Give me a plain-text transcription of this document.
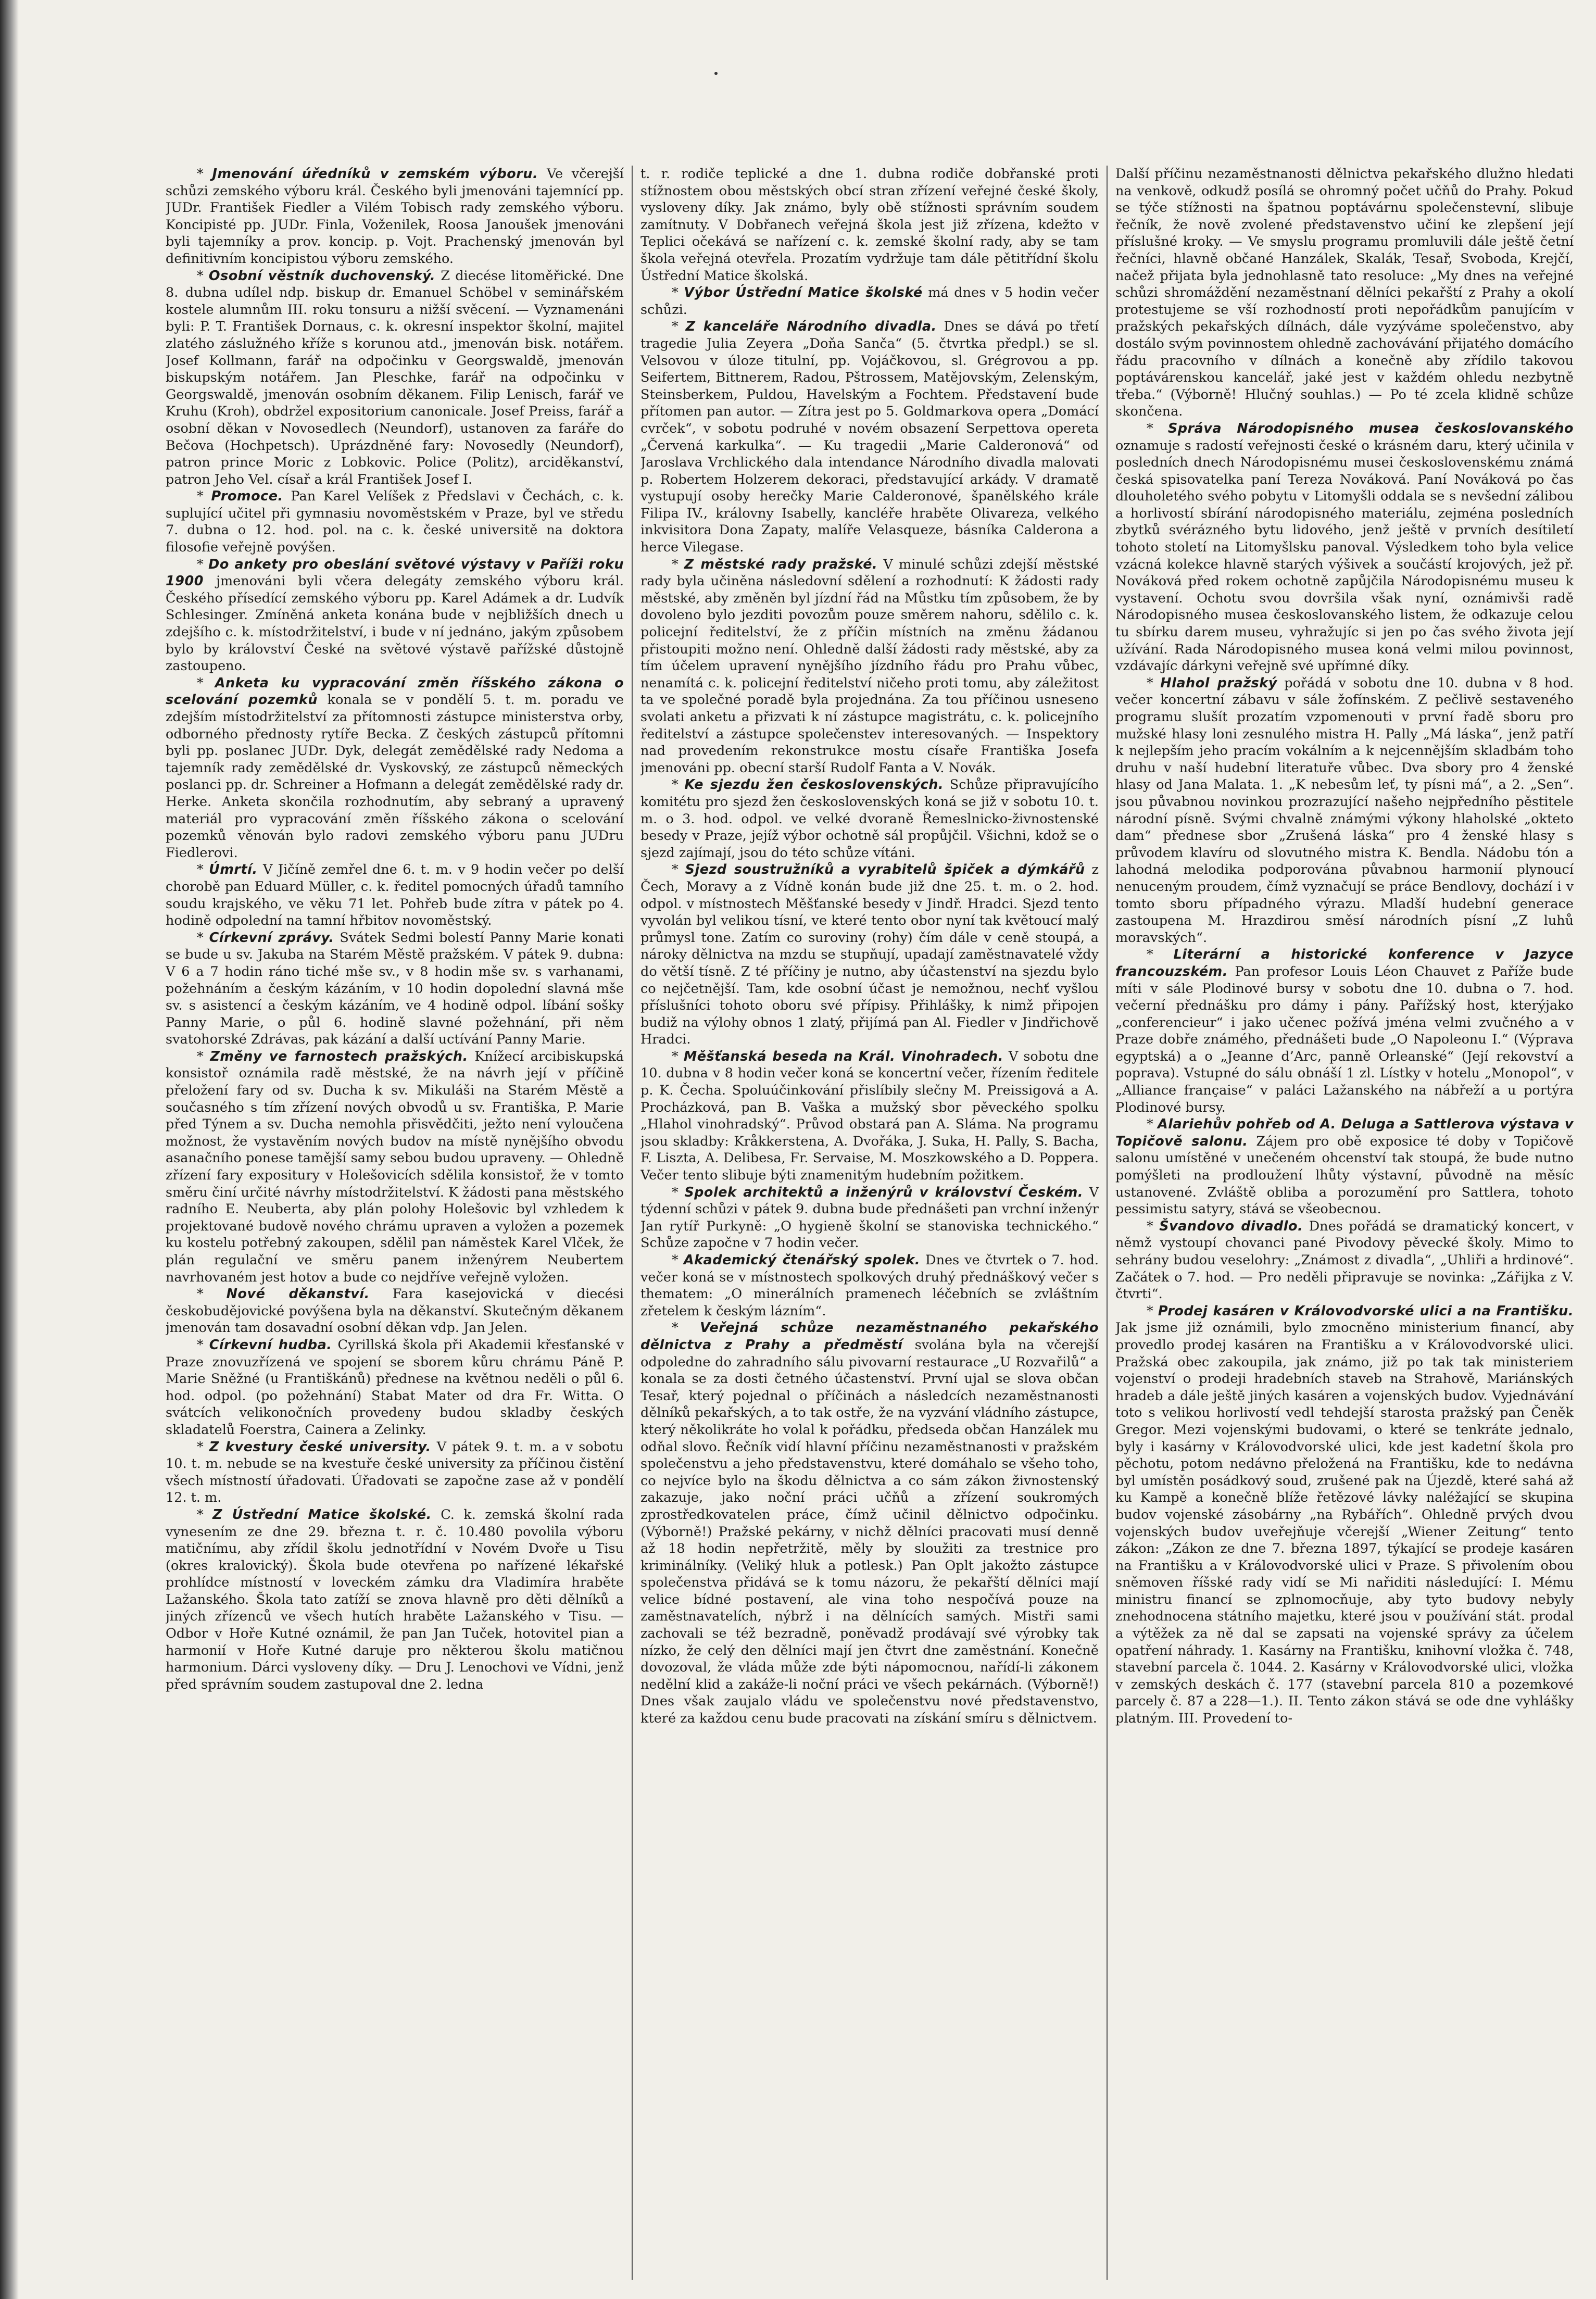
* Jmenování úředníků v zemském výboru. Ve včerejší schůzi zemského výboru král. Českého byli jmenováni tajemnící pp. JUDr. František Fiedler a Vilém Tobisch rady zemského výboru. Koncipisté pp. JUDr. Finla, Voženilek, Roosa Janoušek jmenováni byli tajemníky a prov. koncip. p. Vojt. Prachenský jmenován byl definitivním koncipistou výboru zemského.

* Osobní věstník duchovenský. Z diecése litoměřické. Dne 8. dubna udílel ndp. biskup dr. Emanuel Schöbel v seminářském kostele alumnům III. roku tonsuru a nižší svěcení. — Vyznamenáni byli: P. T. František Dornaus, c. k. okresní inspektor školní, majitel zlatého záslužného kříže s korunou atd., jmenován bisk. notářem. Josef Kollmann, farář na odpočinku v Georgswaldě, jmenován biskupským notářem. Jan Pleschke, farář na odpočinku v Georgswaldě, jmenován osobním děkanem. Filip Lenisch, farář ve Kruhu (Kroh), obdržel expositorium canonicale. Josef Preiss, farář a osobní děkan v Novosedlech (Neundorf), ustanoven za faráře do Bečova (Hochpetsch). Uprázdněné fary: Novosedly (Neundorf), patron prince Moric z Lobkovic. Police (Politz), arciděkanství, patron Jeho Vel. císař a král František Josef I.

* Promoce. Pan Karel Velíšek z Předslavi v Čechách, c. k. suplující učitel při gymnasiu novoměstském v Praze, byl ve středu 7. dubna o 12. hod. pol. na c. k. české universitě na doktora filosofie veřejně povýšen.

* Do ankety pro obeslání světové výstavy v Paříži roku 1900 jmenováni byli včera delegáty zemského výboru král. Českého přísedící zemského výboru pp. Karel Adámek a dr. Ludvík Schlesinger. Zmíněná anketa konána bude v nejbližších dnech u zdejšího c. k. místodržitelství, i bude v ní jednáno, jakým způsobem bylo by království České na světové výstavě pařížské důstojně zastoupeno.

* Anketa ku vypracování změn říšského zákona o scelování pozemků konala se v pondělí 5. t. m. poradu ve zdejším místodržitelství za přítomnosti zástupce ministerstva orby, odborného přednosty rytíře Becka. Z českých zástupců přítomni byli pp. poslanec JUDr. Dyk, delegát zemědělské rady Nedoma a tajemník rady zemědělské dr. Vyskovský, ze zástupců německých poslanci pp. dr. Schreiner a Hofmann a delegát zemědělské rady dr. Herke. Anketa skončila rozhodnutím, aby sebraný a upravený materiál pro vypracování změn říšského zákona o scelování pozemků věnován bylo radovi zemského výboru panu JUDru Fiedlerovi.

* Úmrtí. V Jičíně zemřel dne 6. t. m. v 9 hodin večer po delší chorobě pan Eduard Müller, c. k. ředitel pomocných úřadů tamního soudu krajského, ve věku 71 let. Pohřeb bude zítra v pátek po 4. hodině odpolední na tamní hřbitov novoměstský.

* Církevní zprávy. Svátek Sedmi bolestí Panny Marie konati se bude u sv. Jakuba na Starém Městě pražském. V pátek 9. dubna: V 6 a 7 hodin ráno tiché mše sv., v 8 hodin mše sv. s varhanami, požehnáním a českým kázáním, v 10 hodin dopolední slavná mše sv. s asistencí a českým kázáním, ve 4 hodině odpol. líbání sošky Panny Marie, o půl 6. hodině slavné požehnání, při něm svatohorské Zdrávas, pak kázání a další uctívání Panny Marie.

* Změny ve farnostech pražských. Knížecí arcibiskupská konsistoř oznámila radě městské, že na návrh její v příčině přeložení fary od sv. Ducha k sv. Mikuláši na Starém Městě a současného s tím zřízení nových obvodů u sv. Františka, P. Marie před Týnem a sv. Ducha nemohla přisvědčiti, ježto není vyloučena možnost, že vystavěním nových budov na místě nynějšího obvodu asanačního ponese tamější samy sebou budou upraveny. — Ohledně zřízení fary expositury v Holešovicích sdělila konsistoř, že v tomto směru činí určité návrhy místodržitelství. K žádosti pana městského radního E. Neuberta, aby plán polohy Holešovic byl vzhledem k projektované budově nového chrámu upraven a vyložen a pozemek ku kostelu potřebný zakoupen, sdělil pan náměstek Karel Vlček, že plán regulační ve směru panem inženýrem Neubertem navrhovaném jest hotov a bude co nejdříve veřejně vyložen.

* Nové děkanství. Fara kasejovická v diecési českobudějovické povýšena byla na děkanství. Skutečným děkanem jmenován tam dosavadní osobní děkan vdp. Jan Jelen.

* Církevní hudba. Cyrillská škola při Akademii křesťanské v Praze znovuzřízená ve spojení se sborem kůru chrámu Páně P. Marie Sněžné (u Františkánů) přednese na květnou neděli o půl 6. hod. odpol. (po požehnání) Stabat Mater od dra Fr. Witta. O svátcích velikonočních provedeny budou skladby českých skladatelů Foerstra, Cainera a Zelinky.

* Z kvestury české university. V pátek 9. t. m. a v sobotu 10. t. m. nebude se na kvestuře české university za příčinou čistění všech místností úřadovati. Úřadovati se započne zase až v pondělí 12. t. m.

* Z Ústřední Matice školské. C. k. zemská školní rada vynesením ze dne 29. března t. r. č. 10.480 povolila výboru matičnímu, aby zřídil školu jednotřídní v Novém Dvoře u Tisu (okres kralovický). Škola bude otevřena po nařízené lékařské prohlídce místností v loveckém zámku dra Vladimíra hraběte Lažanského. Škola tato zatíží se znova hlavně pro děti dělníků a jiných zřízenců ve všech hutích hraběte Lažanského v Tisu. — Odbor v Hoře Kutné oznámil, že pan Jan Tuček, hotovitel pian a harmonií v Hoře Kutné daruje pro některou školu matičnou harmonium. Dárci vysloveny díky. — Dru J. Lenochovi ve Vídni, jenž před správním soudem zastupoval dne 2. ledna

t. r. rodiče teplické a dne 1. dubna rodiče dobřanské proti stížnostem obou městských obcí stran zřízení veřejné české školy, vysloveny díky. Jak známo, byly obě stížnosti správním soudem zamítnuty. V Dobřanech veřejná škola jest již zřízena, kdežto v Teplici očekává se nařízení c. k. zemské školní rady, aby se tam škola veřejná otevřela. Prozatím vydržuje tam dále pětitřídní školu Ústřední Matice školská.

* Výbor Ústřední Matice školské má dnes v 5 hodin večer schůzi.

* Z kanceláře Národního divadla. Dnes se dává po třetí tragedie Julia Zeyera „Doňa Sanča“ (5. čtvrtka předpl.) se sl. Velsovou v úloze titulní, pp. Vojáčkovou, sl. Grégrovou a pp. Seifertem, Bittnerem, Radou, Pštrossem, Matějovským, Zelenským, Steinsberkem, Puldou, Havelským a Fochtem. Představení bude přítomen pan autor. — Zítra jest po 5. Goldmarkova opera „Domácí cvrček“, v sobotu podruhé v novém obsazení Serpettova opereta „Červená karkulka“. — Ku tragedii „Marie Calderonová“ od Jaroslava Vrchlického dala intendance Národního divadla malovati p. Robertem Holzerem dekoraci, představující arkády. V dramatě vystupují osoby herečky Marie Calderonové, španělského krále Filipa IV., královny Isabelly, kancléře hraběte Olivareza, velkého inkvisitora Dona Zapaty, malíře Velasqueze, básníka Calderona a herce Vilegase.

* Z městské rady pražské. V minulé schůzi zdejší městské rady byla učiněna následovní sdělení a rozhodnutí: K žádosti rady městské, aby změněn byl jízdní řád na Můstku tím způsobem, že by dovoleno bylo jezditi povozům pouze směrem nahoru, sdělilo c. k. policejní ředitelství, že z příčin místních na změnu žádanou přistoupiti možno není. Ohledně další žádosti rady městské, aby za tím účelem upravení nynějšího jízdního řádu pro Prahu vůbec, nenamítá c. k. policejní ředitelství ničeho proti tomu, aby záležitost ta ve společné poradě byla projednána. Za tou příčinou usneseno svolati anketu a přizvati k ní zástupce magistrátu, c. k. policejního ředitelství a zástupce společenstev interesovaných. — Inspektory nad provedením rekonstrukce mostu císaře Františka Josefa jmenováni pp. obecní starší Rudolf Fanta a V. Novák.

* Ke sjezdu žen československých. Schůze připravujícího komitétu pro sjezd žen československých koná se již v sobotu 10. t. m. o 3. hod. odpol. ve velké dvoraně Řemeslnicko-živnostenské besedy v Praze, jejíž výbor ochotně sál propůjčil. Všichni, kdož se o sjezd zajímají, jsou do této schůze vítáni.

* Sjezd soustružníků a vyrabitelů špiček a dýmkářů z Čech, Moravy a z Vídně konán bude již dne 25. t. m. o 2. hod. odpol. v místnostech Měšťanské besedy v Jindř. Hradci. Sjezd tento vyvolán byl velikou tísní, ve které tento obor nyní tak květoucí malý průmysl tone. Zatím co suroviny (rohy) čím dále v ceně stoupá, a nároky dělnictva na mzdu se stupňují, upadají zaměstnavatelé vždy do větší tísně. Z té příčiny je nutno, aby účastenství na sjezdu bylo co nejčetnější. Tam, kde osobní účast je nemožnou, nechť vyšlou příslušníci tohoto oboru své přípisy. Přihlášky, k nimž připojen budiž na výlohy obnos 1 zlatý, přijímá pan Al. Fiedler v Jindřichově Hradci.

* Měšťanská beseda na Král. Vinohradech. V sobotu dne 10. dubna v 8 hodin večer koná se koncertní večer, řízením ředitele p. K. Čecha. Spoluúčinkování přislíbily slečny M. Preissigová a A. Procházková, pan B. Vaška a mužský sbor pěveckého spolku „Hlahol vinohradský“. Průvod obstará pan A. Sláma. Na programu jsou skladby: Kråkkerstena, A. Dvořáka, J. Suka, H. Pally, S. Bacha, F. Liszta, A. Delibesa, Fr. Servaise, M. Moszkowského a D. Poppera. Večer tento slibuje býti znamenitým hudebním požitkem.

* Spolek architektů a inženýrů v království Českém. V týdenní schůzi v pátek 9. dubna bude přednášeti pan vrchní inženýr Jan rytíř Purkyně: „O hygieně školní se stanoviska technického.“ Schůze započne v 7 hodin večer.

* Akademický čtenářský spolek. Dnes ve čtvrtek o 7. hod. večer koná se v místnostech spolkových druhý přednáškový večer s thematem: „O minerálních pramenech léčebních se zvláštním zřetelem k českým lázním“.

* Veřejná schůze nezaměstnaného pekařského dělnictva z Prahy a předměstí svolána byla na včerejší odpoledne do zahradního sálu pivovarní restaurace „U Rozvařilů“ a konala se za dosti četného účastenství. První ujal se slova občan Tesař, který pojednal o příčinách a následcích nezaměstnanosti dělníků pekařských, a to tak ostře, že na vyzvání vládního zástupce, který několikráte ho volal k pořádku, předseda občan Hanzálek mu odňal slovo. Řečník vidí hlavní příčinu nezaměstnanosti v pražském společenstvu a jeho představenstvu, které domáhalo se všeho toho, co nejvíce bylo na škodu dělnictva a co sám zákon živnostenský zakazuje, jako noční práci učňů a zřízení soukromých zprostředkovatelen práce, čímž učinil dělnictvo odpočinku. (Výborně!) Pražské pekárny, v nichž dělníci pracovati musí denně až 18 hodin nepřetržitě, měly by sloužiti za trestnice pro kriminálníky. (Veliký hluk a potlesk.) Pan Oplt jakožto zástupce společenstva přidává se k tomu názoru, že pekařští dělníci mají velice bídné postavení, ale vina toho nespočívá pouze na zaměstnavatelích, nýbrž i na dělnících samých. Mistři sami zachovali se též bezradně, poněvadž prodávají své výrobky tak nízko, že celý den dělníci mají jen čtvrt dne zaměstnání. Konečně dovozoval, že vláda může zde býti nápomocnou, nařídí-li zákonem nedělní klid a zakáže-li noční práci ve všech pekárnách. (Výborně!) Dnes však zaujalo vládu ve společenstvu nové představenstvo, které za každou cenu bude pracovati na získání smíru s dělnictvem.

Další příčinu nezaměstnanosti dělnictva pekařského dlužno hledati na venkově, odkudž posílá se ohromný počet učňů do Prahy. Pokud se týče stížnosti na špatnou poptávárnu společenstevní, slibuje řečník, že nově zvolené představenstvo učiní ke zlepšení její příslušné kroky. — Ve smyslu programu promluvili dále ještě četní řečníci, hlavně občané Hanzálek, Skalák, Tesař, Svoboda, Krejčí, načež přijata byla jednohlasně tato resoluce: „My dnes na veřejné schůzi shromáždění nezaměstnaní dělníci pekařští z Prahy a okolí protestujeme se vší rozhodností proti nepořádkům panujícím v pražských pekařských dílnách, dále vyzýváme společenstvo, aby dostálo svým povinnostem ohledně zachovávání přijatého domácího řádu pracovního v dílnách a konečně aby zřídilo takovou poptávárenskou kancelář, jaké jest v každém ohledu nezbytně třeba.“ (Výborně! Hlučný souhlas.) — Po té zcela klidně schůze skončena.

* Správa Národopisného musea českoslovanského oznamuje s radostí veřejnosti české o krásném daru, který učinila v posledních dnech Národopisnému musei československému známá česká spisovatelka paní Tereza Nováková. Paní Nováková po čas dlouholetého svého pobytu v Litomyšli oddala se s nevšední zálibou a horlivostí sbírání národopisného materiálu, zejména posledních zbytků svérázného bytu lidového, jenž ještě v prvních desítiletí tohoto století na Litomyšlsku panoval. Výsledkem toho byla velice vzácná kolekce hlavně starých výšivek a součástí krojových, jež př. Nováková před rokem ochotně zapůjčila Národopisnému museu k vystavení. Ochotu svou dovršila však nyní, oznámivši radě Národopisného musea českoslovanského listem, že odkazuje celou tu sbírku darem museu, vyhražujíc si jen po čas svého života její užívání. Rada Národopisného musea koná velmi milou povinnost, vzdávajíc dárkyni veřejně své upřímné díky.

* Hlahol pražský pořádá v sobotu dne 10. dubna v 8 hod. večer koncertní zábavu v sále žofínském. Z pečlivě sestaveného programu slušít prozatím vzpomenouti v první řadě sboru pro mužské hlasy loni zesnulého mistra H. Pally „Má láska“, jenž patří k nejlepším jeho pracím vokálním a k nejcennějším skladbám toho druhu v naší hudební literatuře vůbec. Dva sbory pro 4 ženské hlasy od Jana Malata. 1. „K nebesům leť, ty písni má“, a 2. „Sen“. jsou půvabnou novinkou prozrazující našeho nejpředního pěstitele národní písně. Svými chvalně známými výkony hlaholské „okteto dam“ přednese sbor „Zrušená láska“ pro 4 ženské hlasy s průvodem klavíru od slovutného mistra K. Bendla. Nádobu tón a lahodná melodika podporována půvabnou harmonií plynoucí nenuceným proudem, čímž vyznačují se práce Bendlovy, dochází i v tomto sboru případného výrazu. Mladší hudební generace zastoupena M. Hrazdirou směsí národních písní „Z luhů moravských“.

* Literární a historické konference v Jazyce francouzském. Pan profesor Louis Léon Chauvet z Paříže bude míti v sále Plodinové bursy v sobotu dne 10. dubna o 7. hod. večerní přednášku pro dámy i pány. Pařížský host, kterýjako „conferencieur“ i jako učenec požívá jména velmi zvučného a v Praze dobře známého, přednášeti bude „O Napoleonu I.“ (Výprava egyptská) a o „Jeanne d’Arc, panně Orleanské“ (Její rekovství a poprava). Vstupné do sálu obnáší 1 zl. Lístky v hotelu „Monopol“, v „Alliance française“ v paláci Lažanského na nábřeží a u portýra Plodinové bursy.

* Alariehův pohřeb od A. Deluga a Sattlerova výstava v Topičově salonu. Zájem pro obě exposice té doby v Topičově salonu umístěné v unečeném ohcenství tak stoupá, že bude nutno pomýšleti na prodloužení lhůty výstavní, původně na měsíc ustanovené. Zvláště obliba a porozumění pro Sattlera, tohoto pessimistu satyry, stává se všeobecnou.

* Švandovo divadlo. Dnes pořádá se dramatický koncert, v němž vystoupí chovanci pané Pivodovy pěvecké školy. Mimo to sehrány budou veselohry: „Známost z divadla“, „Uhliři a hrdinové“. Začátek o 7. hod. — Pro neděli připravuje se novinka: „Zářijka z V. čtvrti“.

* Prodej kasáren v Královodvorské ulici a na Františku. Jak jsme již oznámili, bylo zmocněno ministerium financí, aby provedlo prodej kasáren na Františku a v Královodvorské ulici. Pražská obec zakoupila, jak známo, již po tak tak ministeriem vojenství o prodeji hradebních staveb na Strahově, Mariánských hradeb a dále ještě jiných kasáren a vojenských budov. Vyjednávání toto s velikou horlivostí vedl tehdejší starosta pražský pan Čeněk Gregor. Mezi vojenskými budovami, o které se tenkráte jednalo, byly i kasárny v Královodvorské ulici, kde jest kadetní škola pro pěchotu, potom nedávno přeložená na Františku, kde to nedávna byl umístěn posádkový soud, zrušené pak na Újezdě, které sahá až ku Kampě a konečně blíže řetězové lávky naléžající se skupina budov vojenské zásobárny „na Rybářích“. Ohledně prvých dvou vojenských budov uveřejňuje včerejší „Wiener Zeitung“ tento zákon: „Zákon ze dne 7. března 1897, týkající se prodeje kasáren na Františku a v Královodvorské ulici v Praze. S přivolením obou sněmoven říšské rady vidí se Mi nařiditi následující: I. Mému ministru financí se zplnomocňuje, aby tyto budovy nebyly znehodnocena státního majetku, které jsou v používání stát. prodal a výtěžek za ně dal se zapsati na vojenské správy za účelem opatření náhrady. 1. Kasárny na Františku, knihovní vložka č. 748, stavební parcela č. 1044. 2. Kasárny v Královodvorské ulici, vložka v zemských deskách č. 177 (stavební parcela 810 a pozemkové parcely č. 87 a 228—1.). II. Tento zákon stává se ode dne vyhlášky platným. III. Provedení to-
